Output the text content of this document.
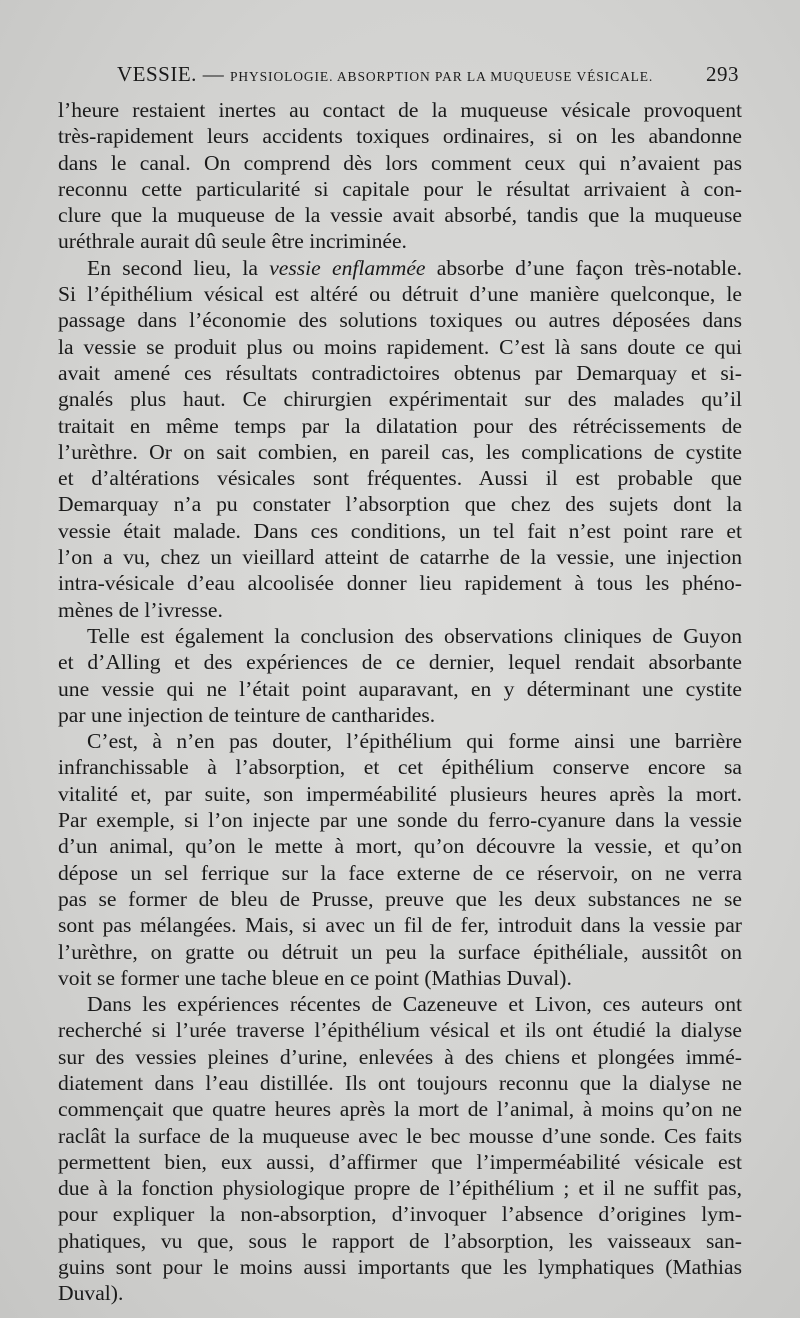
VESSIE. — PHYSIOLOGIE. ABSORPTION PAR LA MUQUEUSE VÉSICALE.	293
l’heure restaient inertes au contact de la muqueuse vésicale provoquent
très-rapidement leurs accidents toxiques ordinaires, si on les abandonne
dans le canal. On comprend dès lors comment ceux qui n’avaient pas
reconnu cette particularité si capitale pour le résultat arrivaient à con-
clure que la muqueuse de la vessie avait absorbé, tandis que la muqueuse
uréthrale aurait dû seule être incriminée.
En second lieu, la vessie enflammée absorbe d’une façon très-notable.
Si l’épithélium vésical est altéré ou détruit d’une manière quelconque, le
passage dans l’économie des solutions toxiques ou autres déposées dans
la vessie se produit plus ou moins rapidement. C’est là sans doute ce qui
avait amené ces résultats contradictoires obtenus par Demarquay et si-
gnalés plus haut. Ce chirurgien expérimentait sur des malades qu’il
traitait en même temps par la dilatation pour des rétrécissements de
l’urèthre. Or on sait combien, en pareil cas, les complications de cystite
et d’altérations vésicales sont fréquentes. Aussi il est probable que
Demarquay n’a pu constater l’absorption que chez des sujets dont la
vessie était malade. Dans ces conditions, un tel fait n’est point rare et
l’on a vu, chez un vieillard atteint de catarrhe de la vessie, une injection
intra-vésicale d’eau alcoolisée donner lieu rapidement à tous les phéno-
mènes de l’ivresse.
Telle est également la conclusion des observations cliniques de Guyon
et d’Alling et des expériences de ce dernier, lequel rendait absorbante
une vessie qui ne l’était point auparavant, en y déterminant une cystite
par une injection de teinture de cantharides.
C’est, à n’en pas douter, l’épithélium qui forme ainsi une barrière
infranchissable à l’absorption, et cet épithélium conserve encore sa
vitalité et, par suite, son imperméabilité plusieurs heures après la mort.
Par exemple, si l’on injecte par une sonde du ferro-cyanure dans la vessie
d’un animal, qu’on le mette à mort, qu’on découvre la vessie, et qu’on
dépose un sel ferrique sur la face externe de ce réservoir, on ne verra
pas se former de bleu de Prusse, preuve que les deux substances ne se
sont pas mélangées. Mais, si avec un fil de fer, introduit dans la vessie par
l’urèthre, on gratte ou détruit un peu la surface épithéliale, aussitôt on
voit se former une tache bleue en ce point (Mathias Duval).
Dans les expériences récentes de Cazeneuve et Livon, ces auteurs ont
recherché si l’urée traverse l’épithélium vésical et ils ont étudié la dialyse
sur des vessies pleines d’urine, enlevées à des chiens et plongées immé-
diatement dans l’eau distillée. Ils ont toujours reconnu que la dialyse ne
commençait que quatre heures après la mort de l’animal, à moins qu’on ne
raclât la surface de la muqueuse avec le bec mousse d’une sonde. Ces faits
permettent bien, eux aussi, d’affirmer que l’imperméabilité vésicale est
due à la fonction physiologique propre de l’épithélium ; et il ne suffit pas,
pour expliquer la non-absorption, d’invoquer l’absence d’origines lym-
phatiques, vu que, sous le rapport de l’absorption, les vaisseaux san-
guins sont pour le moins aussi importants que les lymphatiques (Mathias
Duval).
